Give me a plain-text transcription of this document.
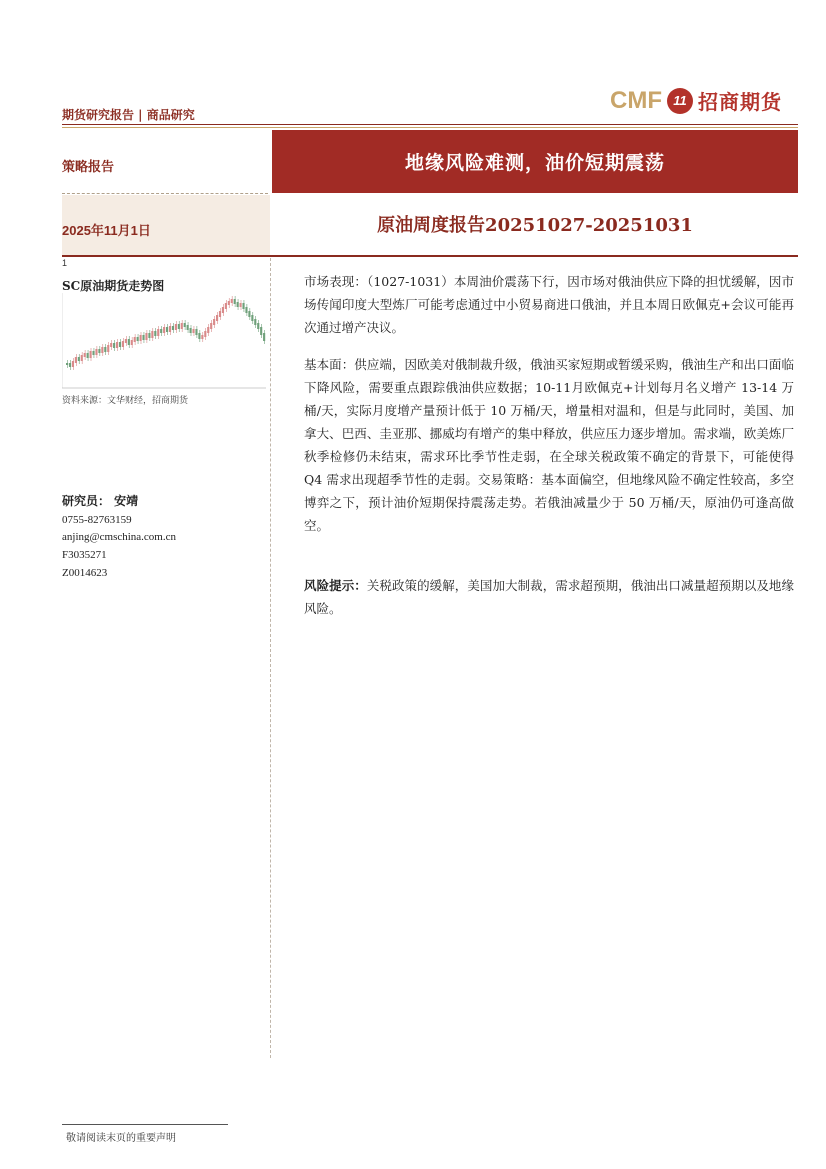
期货研究报告 | 商品研究
CMF 11 招商期货
策略报告	地缘风险难测，油价短期震荡
2025年11月1日	原油周度报告20251027-20251031
1
SC原油期货走势图
资料来源：文华财经，招商期货
研究员： 安靖
0755-82763159
anjing@cmschina.com.cn
F3035271
Z0014623
市场表现：（1027-1031）本周油价震荡下行，因市场对俄油供应下降的担忧缓解，因市场传闻印度大型炼厂可能考虑通过中小贸易商进口俄油，并且本周日欧佩克+会议可能再次通过增产决议。
基本面：供应端，因欧美对俄制裁升级，俄油买家短期或暂缓采购，俄油生产和出口面临下降风险，需要重点跟踪俄油供应数据；10-11月欧佩克+计划每月名义增产 13-14 万桶/天，实际月度增产量预计低于 10 万桶/天，增量相对温和，但是与此同时，美国、加拿大、巴西、圭亚那、挪威均有增产的集中释放，供应压力逐步增加。需求端，欧美炼厂秋季检修仍未结束，需求环比季节性走弱，在全球关税政策不确定的背景下，可能使得 Q4 需求出现超季节性的走弱。交易策略：基本面偏空，但地缘风险不确定性较高，多空博弈之下，预计油价短期保持震荡走势。若俄油减量少于 50 万桶/天，原油仍可逢高做空。
风险提示：关税政策的缓解，美国加大制裁，需求超预期，俄油出口减量超预期以及地缘风险。
敬请阅读末页的重要声明
